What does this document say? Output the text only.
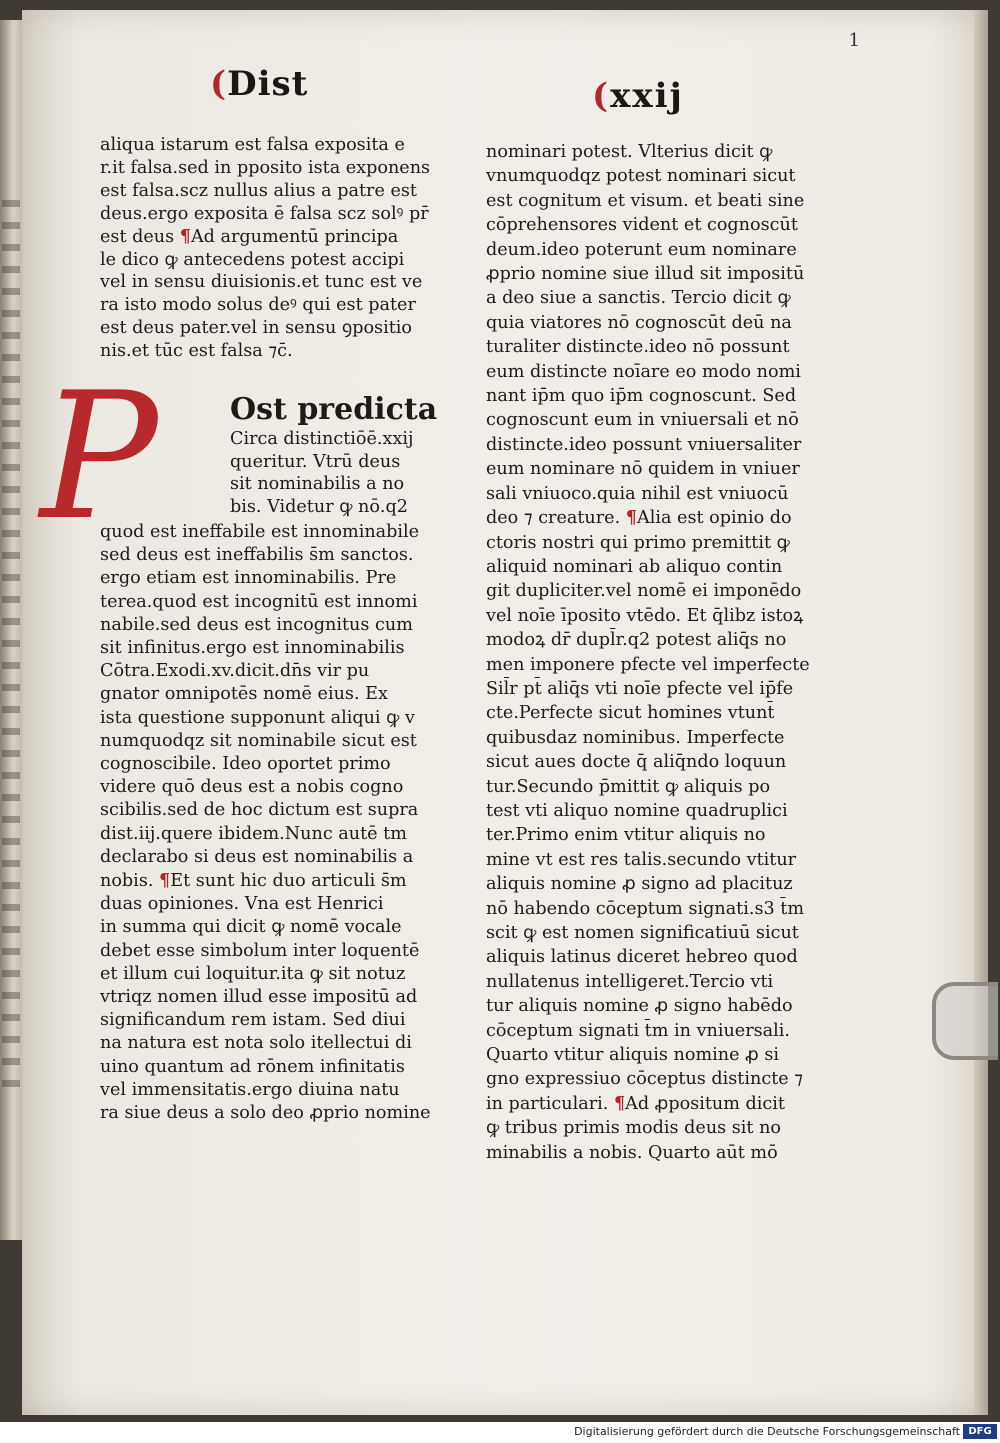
1
(Dist	(xxij
aliqua istarum est falsa exposita e
r.it falsa.sed in pposito ista exponens
est falsa.scz nullus alius a patre est
deus.ergo exposita ē falsa scz solꝰ pr̄
est deus ¶Ad argumentū principa
le dico ꝙ antecedens potest accipi
vel in sensu diuisionis.et tunc est ve
ra isto modo solus deꝰ qui est pater
est deus pater.vel in sensu ꝯpositio
nis.et tūc est falsa ⁊c̄.
P Ost predicta
Circa distinctiōē.xxij
queritur. Vtrū deus
sit nominabilis a no
bis. Videtur ꝙ nō.q2
quod est ineffabile est innominabile
sed deus est ineffabilis s̄m sanctos.
ergo etiam est innominabilis. Pre
terea.quod est incognitū est innomi
nabile.sed deus est incognitus cum
sit infinitus.ergo est innominabilis
Cōtra.Exodi.xv.dicit̄.dn̄s vir pu
gnator omnipotēs nomē eius. Ex
ista questione supponunt aliqui ꝙ v
numquodqz sit nominabile sicut est
cognoscibile. Ideo oportet primo
videre quō deus est a nobis cogno
scibilis.sed de hoc dictum est supra
dist.iij.quere ibidem.Nunc autē t̄m
declarabo si deus est nominabilis a
nobis. ¶Et sunt hic duo articuli s̄m
duas opiniones. Vna est Henrici
in summa qui dicit ꝙ nomē vocale
debet esse simbolum inter loquentē
et illum cui loquitur.ita ꝙ sit notuz
vtriqz nomen illud esse impositū ad
significandum rem istam. Sed diui
na natura est nota solo itellectui di
uino quantum ad rōnem infinitatis
vel immensitatis.ergo diuina natu
ra siue deus a solo deo ꝓprio nomine
nominari potest. Vlterius dicit ꝙ
vnumquodqz potest nominari sicut
est cognitum et visum. et beati sine
cōprehensores vident et cognoscūt
deum.ideo poterunt eum nominare
ꝓprio nomine siue illud sit impositū
a deo siue a sanctis. Tercio dicit ꝙ
quia viatores nō cognoscūt deū na
turaliter distincte.ideo nō possunt
eum distincte noīare eo modo nomi
nant ip̄m quo ip̄m cognoscunt. Sed
cognoscunt eum in vniuersali et nō
distincte.ideo possunt vniuersaliter
eum nominare nō quidem in vniuer
sali vniuoco.quia nihil est vniuocū
deo ⁊ creature. ¶Alia est opinio do
ctoris nostri qui primo premittit ꝙ
aliquid nominari ab aliquo contin
git dupliciter.vel nomē ei imponēdo
vel noīe īposito vtēdo. Et q̄libz istoꝝ
modoꝝ dr̄ dupl̄r.q2 potest aliq̄s no
men imponere pfecte vel imperfecte
Sil̄r pt̄ aliq̄s vti noīe pfecte vel ip̄fe
cte.Perfecte sicut homines vtunt̄
quibusdaz nominibus. Imperfecte
sicut aues docte q̄ aliq̄ndo loquun
tur.Secundo p̄mittit ꝙ aliquis po
test vti aliquo nomine quadruplici
ter.Primo enim vtitur aliquis no
mine vt est res talis.secundo vtitur
aliquis nomine ꝓ signo ad placituz
nō habendo cōceptum signati.s3 t̄m
scit ꝙ est nomen significatiuū sicut
aliquis latinus diceret hebreo quod
nullatenus intelligeret.Tercio vti
tur aliquis nomine ꝓ signo habēdo
cōceptum signati t̄m in vniuersali.
Quarto vtitur aliquis nomine ꝓ si
gno expressiuo cōceptus distincte ⁊
in particulari. ¶Ad ꝓpositum dicit
ꝙ tribus primis modis deus sit no
minabilis a nobis. Quarto aūt mō
Digitalisierung gefördert durch die Deutsche Forschungsgemeinschaft DFG
